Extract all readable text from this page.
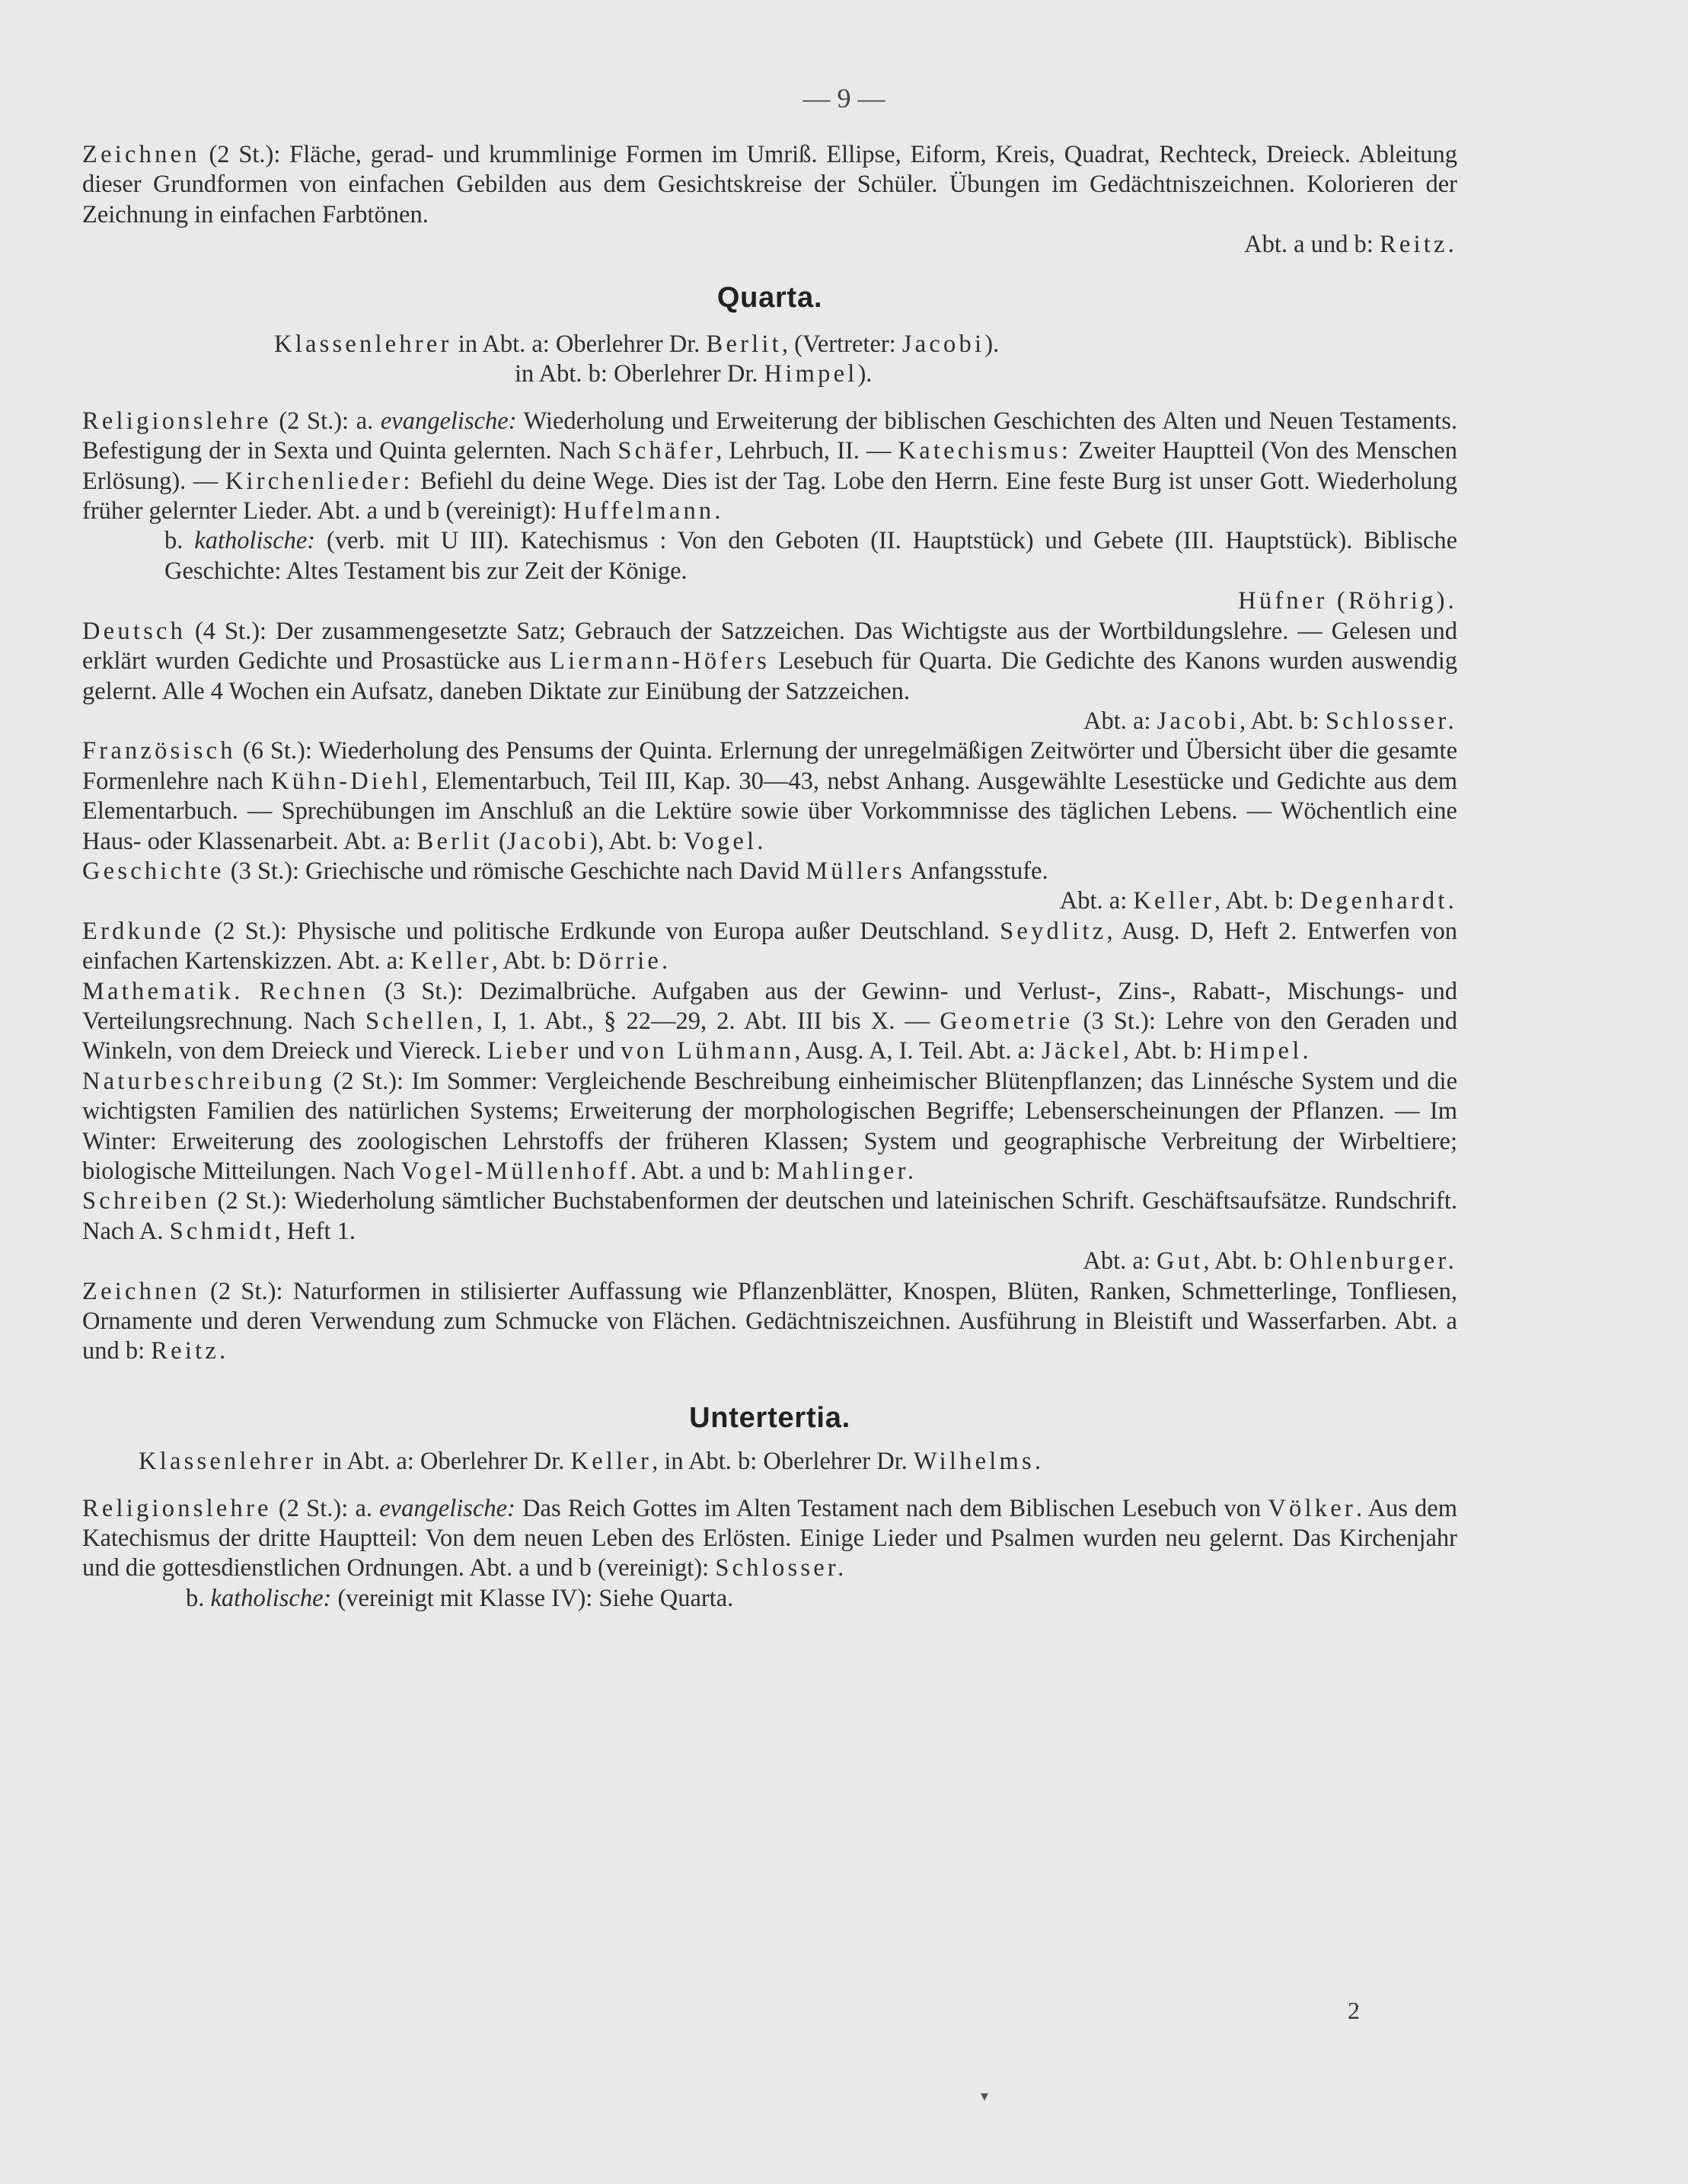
— 9 —
Zeichnen (2 St.): Fläche, gerad- und krummlinige Formen im Umriß. Ellipse, Eiform, Kreis, Quadrat, Rechteck, Dreieck. Ableitung dieser Grundformen von einfachen Gebilden aus dem Gesichtskreise der Schüler. Übungen im Gedächtniszeichnen. Kolorieren der Zeichnung in einfachen Farbtönen.

Abt. a und b: Reitz.

Quarta.
Klassenlehrer in Abt. a: Oberlehrer Dr. Berlit, (Vertreter: Jacobi).
in Abt. b: Oberlehrer Dr. Himpel).
Religionslehre (2 St.): a. evangelische: Wiederholung und Erweiterung der biblischen Geschichten des Alten und Neuen Testaments. Befestigung der in Sexta und Quinta gelernten. Nach Schäfer, Lehrbuch, II. — Katechismus: Zweiter Hauptteil (Von des Menschen Erlösung). — Kirchenlieder: Befiehl du deine Wege. Dies ist der Tag. Lobe den Herrn. Eine feste Burg ist unser Gott. Wiederholung früher gelernter Lieder. Abt. a und b (vereinigt): Huffelmann.
b. katholische: (verb. mit U III). Katechismus : Von den Geboten (II. Hauptstück) und Gebete (III. Hauptstück). Biblische Geschichte: Altes Testament bis zur Zeit der Könige.

Hüfner (Röhrig).

Deutsch (4 St.): Der zusammengesetzte Satz; Gebrauch der Satzzeichen. Das Wichtigste aus der Wortbildungslehre. — Gelesen und erklärt wurden Gedichte und Prosastücke aus Liermann-Höfers Lesebuch für Quarta. Die Gedichte des Kanons wurden auswendig gelernt. Alle 4 Wochen ein Aufsatz, daneben Diktate zur Einübung der Satzzeichen.

Abt. a: Jacobi, Abt. b: Schlosser.

Französisch (6 St.): Wiederholung des Pensums der Quinta. Erlernung der unregelmäßigen Zeitwörter und Übersicht über die gesamte Formenlehre nach Kühn-Diehl, Elementarbuch, Teil III, Kap. 30—43, nebst Anhang. Ausgewählte Lesestücke und Gedichte aus dem Elementarbuch. — Sprechübungen im Anschluß an die Lektüre sowie über Vorkommnisse des täglichen Lebens. — Wöchentlich eine Haus- oder Klassenarbeit. Abt. a: Berlit (Jacobi), Abt. b: Vogel.
Geschichte (3 St.): Griechische und römische Geschichte nach David Müllers Anfangsstufe.

Abt. a: Keller, Abt. b: Degenhardt.

Erdkunde (2 St.): Physische und politische Erdkunde von Europa außer Deutschland. Seydlitz, Ausg. D, Heft 2. Entwerfen von einfachen Kartenskizzen. Abt. a: Keller, Abt. b: Dörrie.
Mathematik. Rechnen (3 St.): Dezimalbrüche. Aufgaben aus der Gewinn- und Verlust-, Zins-, Rabatt-, Mischungs- und Verteilungsrechnung. Nach Schellen, I, 1. Abt., § 22—29, 2. Abt. III bis X. — Geometrie (3 St.): Lehre von den Geraden und Winkeln, von dem Dreieck und Viereck. Lieber und von Lühmann, Ausg. A, I. Teil. Abt. a: Jäckel, Abt. b: Himpel.
Naturbeschreibung (2 St.): Im Sommer: Vergleichende Beschreibung einheimischer Blütenpflanzen; das Linnésche System und die wichtigsten Familien des natürlichen Systems; Erweiterung der morphologischen Begriffe; Lebenserscheinungen der Pflanzen. — Im Winter: Erweiterung des zoologischen Lehrstoffs der früheren Klassen; System und geographische Verbreitung der Wirbeltiere; biologische Mitteilungen. Nach Vogel-Müllenhoff. Abt. a und b: Mahlinger.
Schreiben (2 St.): Wiederholung sämtlicher Buchstabenformen der deutschen und lateinischen Schrift. Geschäftsaufsätze. Rundschrift. Nach A. Schmidt, Heft 1.

Abt. a: Gut, Abt. b: Ohlenburger.

Zeichnen (2 St.): Naturformen in stilisierter Auffassung wie Pflanzenblätter, Knospen, Blüten, Ranken, Schmetterlinge, Tonfliesen, Ornamente und deren Verwendung zum Schmucke von Flächen. Gedächtniszeichnen. Ausführung in Bleistift und Wasserfarben. Abt. a und b: Reitz.
Untertertia.
Klassenlehrer in Abt. a: Oberlehrer Dr. Keller, in Abt. b: Oberlehrer Dr. Wilhelms.
Religionslehre (2 St.): a. evangelische: Das Reich Gottes im Alten Testament nach dem Biblischen Lesebuch von Völker. Aus dem Katechismus der dritte Hauptteil: Von dem neuen Leben des Erlösten. Einige Lieder und Psalmen wurden neu gelernt. Das Kirchenjahr und die gottesdienstlichen Ordnungen. Abt. a und b (vereinigt): Schlosser.
b. katholische: (vereinigt mit Klasse IV): Siehe Quarta.
2
▾
